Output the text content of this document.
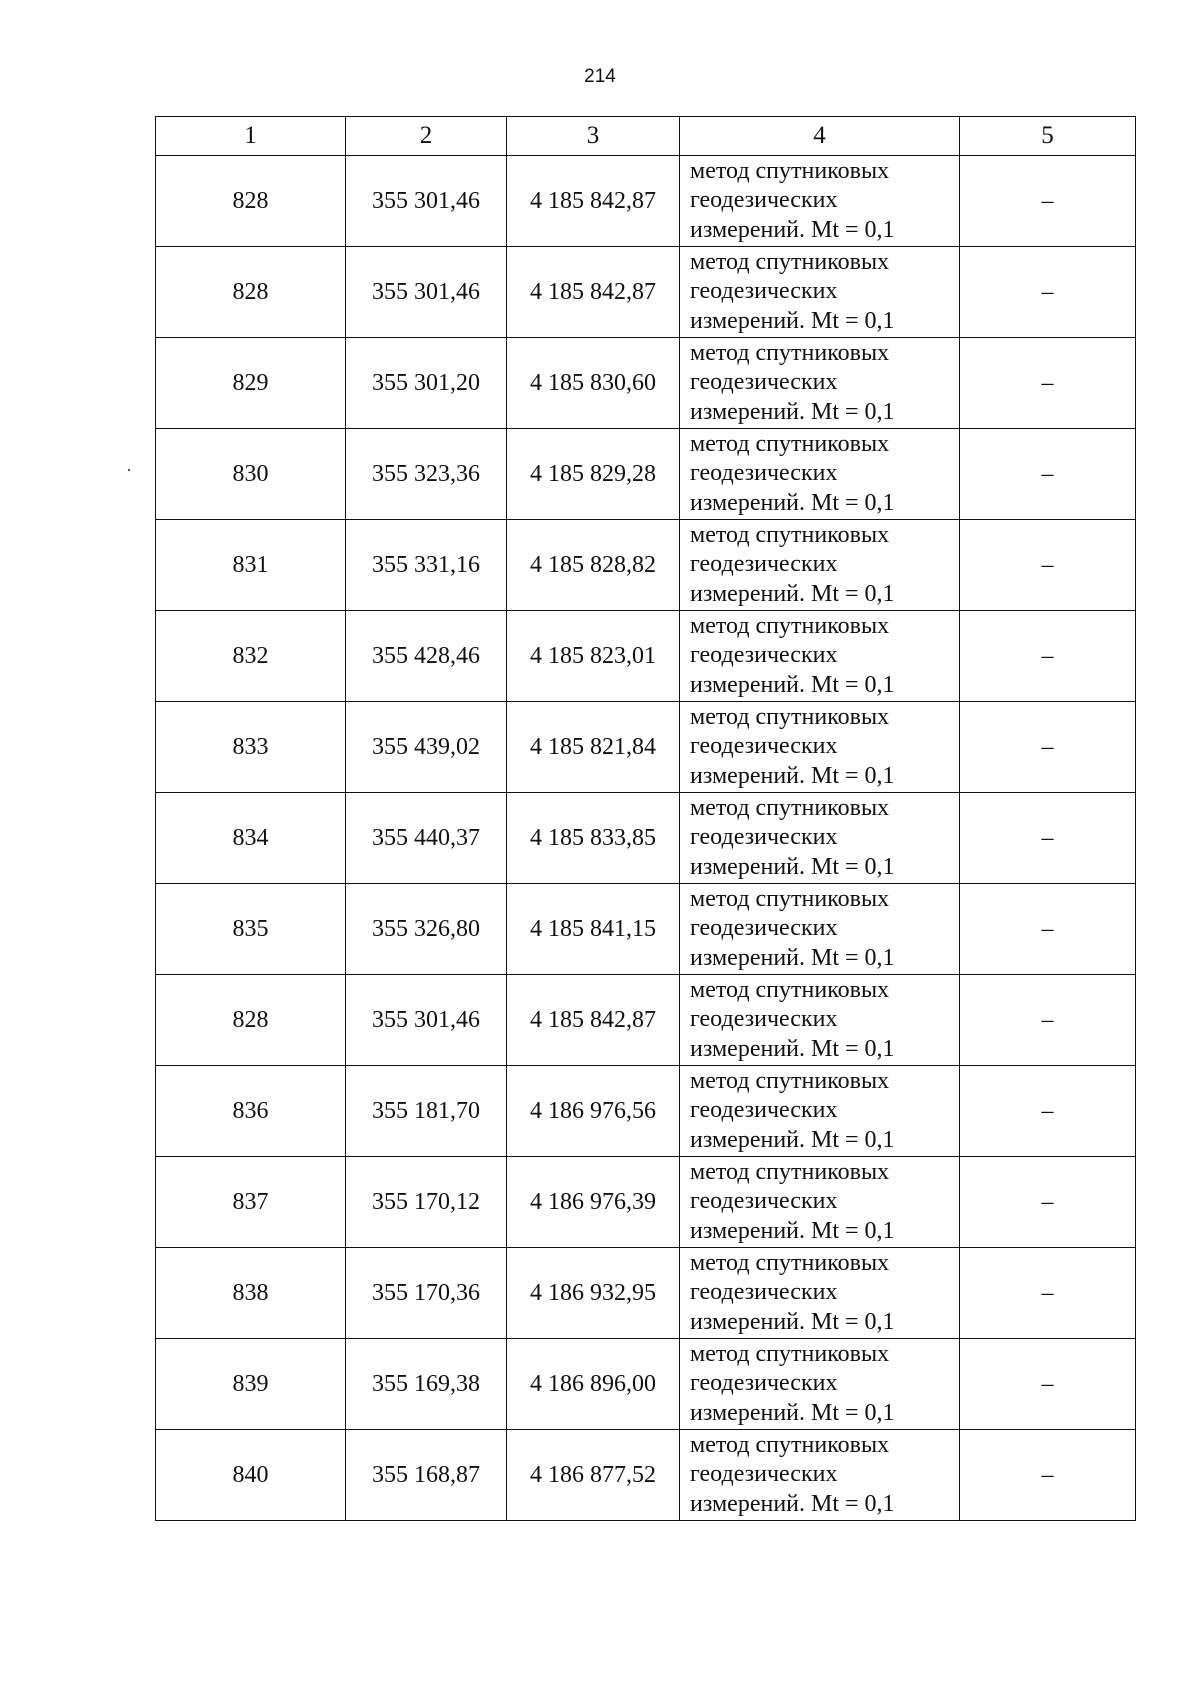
214
1	2	3	4	5
828	355 301,46	4 185 842,87	метод спутниковых
геодезических
измерений. Mt = 0,1	–
828	355 301,46	4 185 842,87	метод спутниковых
геодезических
измерений. Mt = 0,1	–
829	355 301,20	4 185 830,60	метод спутниковых
геодезических
измерений. Mt = 0,1	–
830	355 323,36	4 185 829,28	метод спутниковых
геодезических
измерений. Mt = 0,1	–
831	355 331,16	4 185 828,82	метод спутниковых
геодезических
измерений. Mt = 0,1	–
832	355 428,46	4 185 823,01	метод спутниковых
геодезических
измерений. Mt = 0,1	–
833	355 439,02	4 185 821,84	метод спутниковых
геодезических
измерений. Mt = 0,1	–
834	355 440,37	4 185 833,85	метод спутниковых
геодезических
измерений. Mt = 0,1	–
835	355 326,80	4 185 841,15	метод спутниковых
геодезических
измерений. Mt = 0,1	–
828	355 301,46	4 185 842,87	метод спутниковых
геодезических
измерений. Mt = 0,1	–
836	355 181,70	4 186 976,56	метод спутниковых
геодезических
измерений. Mt = 0,1	–
837	355 170,12	4 186 976,39	метод спутниковых
геодезических
измерений. Mt = 0,1	–
838	355 170,36	4 186 932,95	метод спутниковых
геодезических
измерений. Mt = 0,1	–
839	355 169,38	4 186 896,00	метод спутниковых
геодезических
измерений. Mt = 0,1	–
840	355 168,87	4 186 877,52	метод спутниковых
геодезических
измерений. Mt = 0,1	–
